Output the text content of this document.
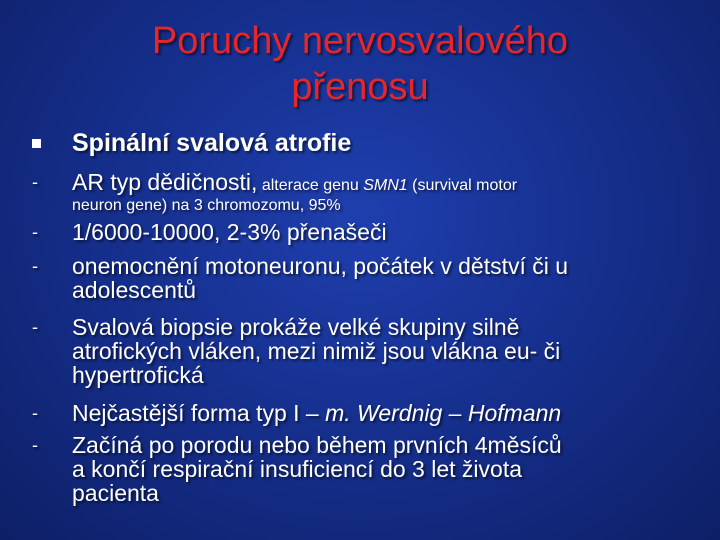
Poruchy nervosvalového
přenosu
Spinální svalová atrofie
- AR typ dědičnosti, alterace genu SMN1 (survival motor
neuron gene) na 3 chromozomu, 95%
- 1/6000-10000, 2-3% přenašeči
- onemocnění motoneuronu, počátek v dětství či u
adolescentů
- Svalová biopsie prokáže velké skupiny silně
atrofických vláken, mezi nimiž jsou vlákna eu- či
hypertrofická
- Nejčastější forma typ I – m. Werdnig – Hofmann
- Začíná po porodu nebo během prvních 4měsíců
a končí respirační insuficiencí do 3 let života
pacienta
